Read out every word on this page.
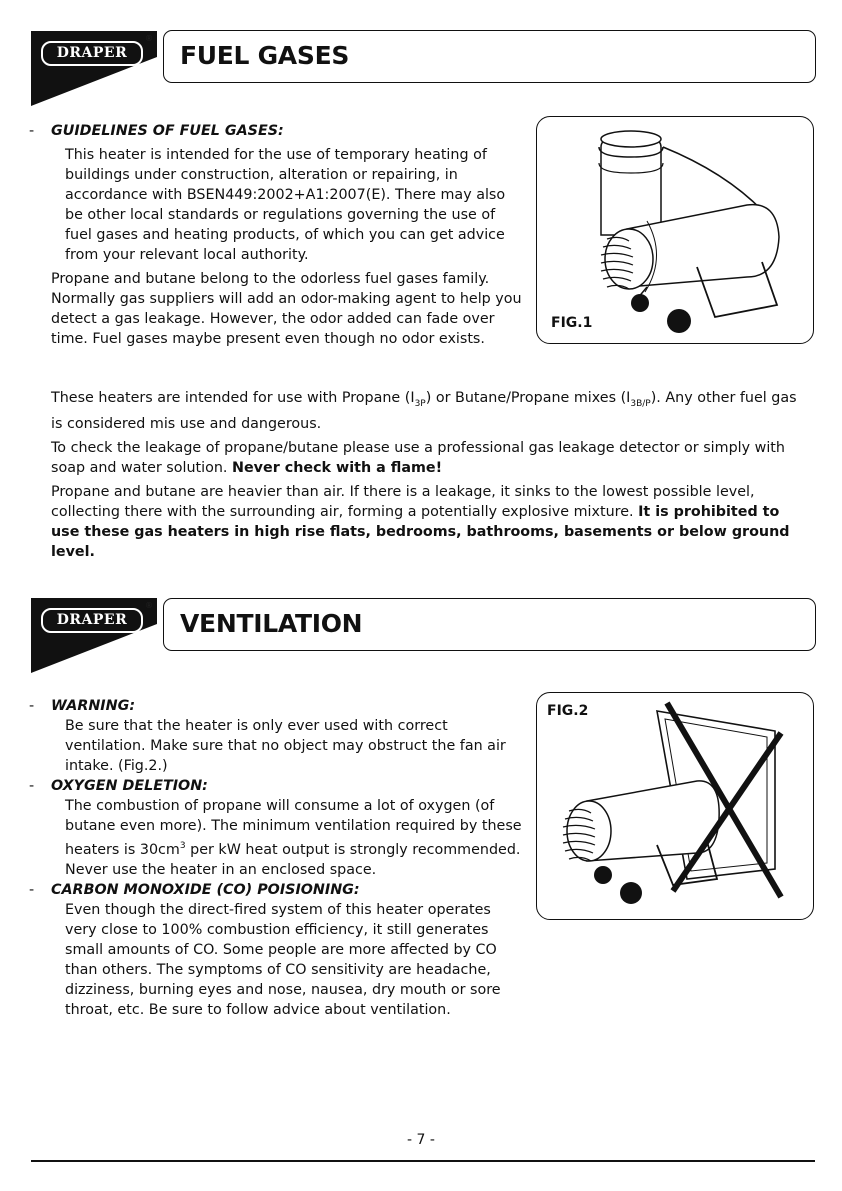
DRAPER
®
FUEL GASES
FIG.1
- GUIDELINES OF FUEL GASES:
This heater is intended for the use of temporary heating of buildings under construction, alteration or repairing, in accordance with BSEN449:2002+A1:2007(E). There may also be other local standards or regulations governing the use of fuel gases and heating products, of which you can get advice from your relevant local authority.
Propane and butane belong to the odorless fuel gases family. Normally gas suppliers will add an odor-making agent to help you detect a gas leakage. However, the odor added can fade over time. Fuel gases maybe present even though no odor exists.
These heaters are intended for use with Propane $(I_{3P})$ or Butane/Propane mixes $(I_{3B/P})$. Any other fuel gas is considered mis use and dangerous.
To check the leakage of propane/butane please use a professional gas leakage detector or simply with soap and water solution. Never check with a flame!
Propane and butane are heavier than air. If there is a leakage, it sinks to the lowest possible level, collecting there with the surrounding air, forming a potentially explosive mixture. It is prohibited to use these gas heaters in high rise flats, bedrooms, bathrooms, basements or below ground level.
DRAPER
®
VENTILATION
FIG.2
- WARNING:
Be sure that the heater is only ever used with correct ventilation. Make sure that no object may obstruct the fan air intake. (Fig.2.)
- OXYGEN DELETION:
The combustion of propane will consume a lot of oxygen (of butane even more). The minimum ventilation required by these heaters is $30cm^3$ per kW heat output is strongly recommended. Never use the heater in an enclosed space.
- CARBON MONOXIDE (CO) POISIONING:
Even though the direct-fired system of this heater operates very close to 100% combustion efficiency, it still generates small amounts of CO. Some people are more affected by CO than others. The symptoms of CO sensitivity are headache, dizziness, burning eyes and nose, nausea, dry mouth or sore throat, etc. Be sure to follow advice about ventilation.
- 7 -
